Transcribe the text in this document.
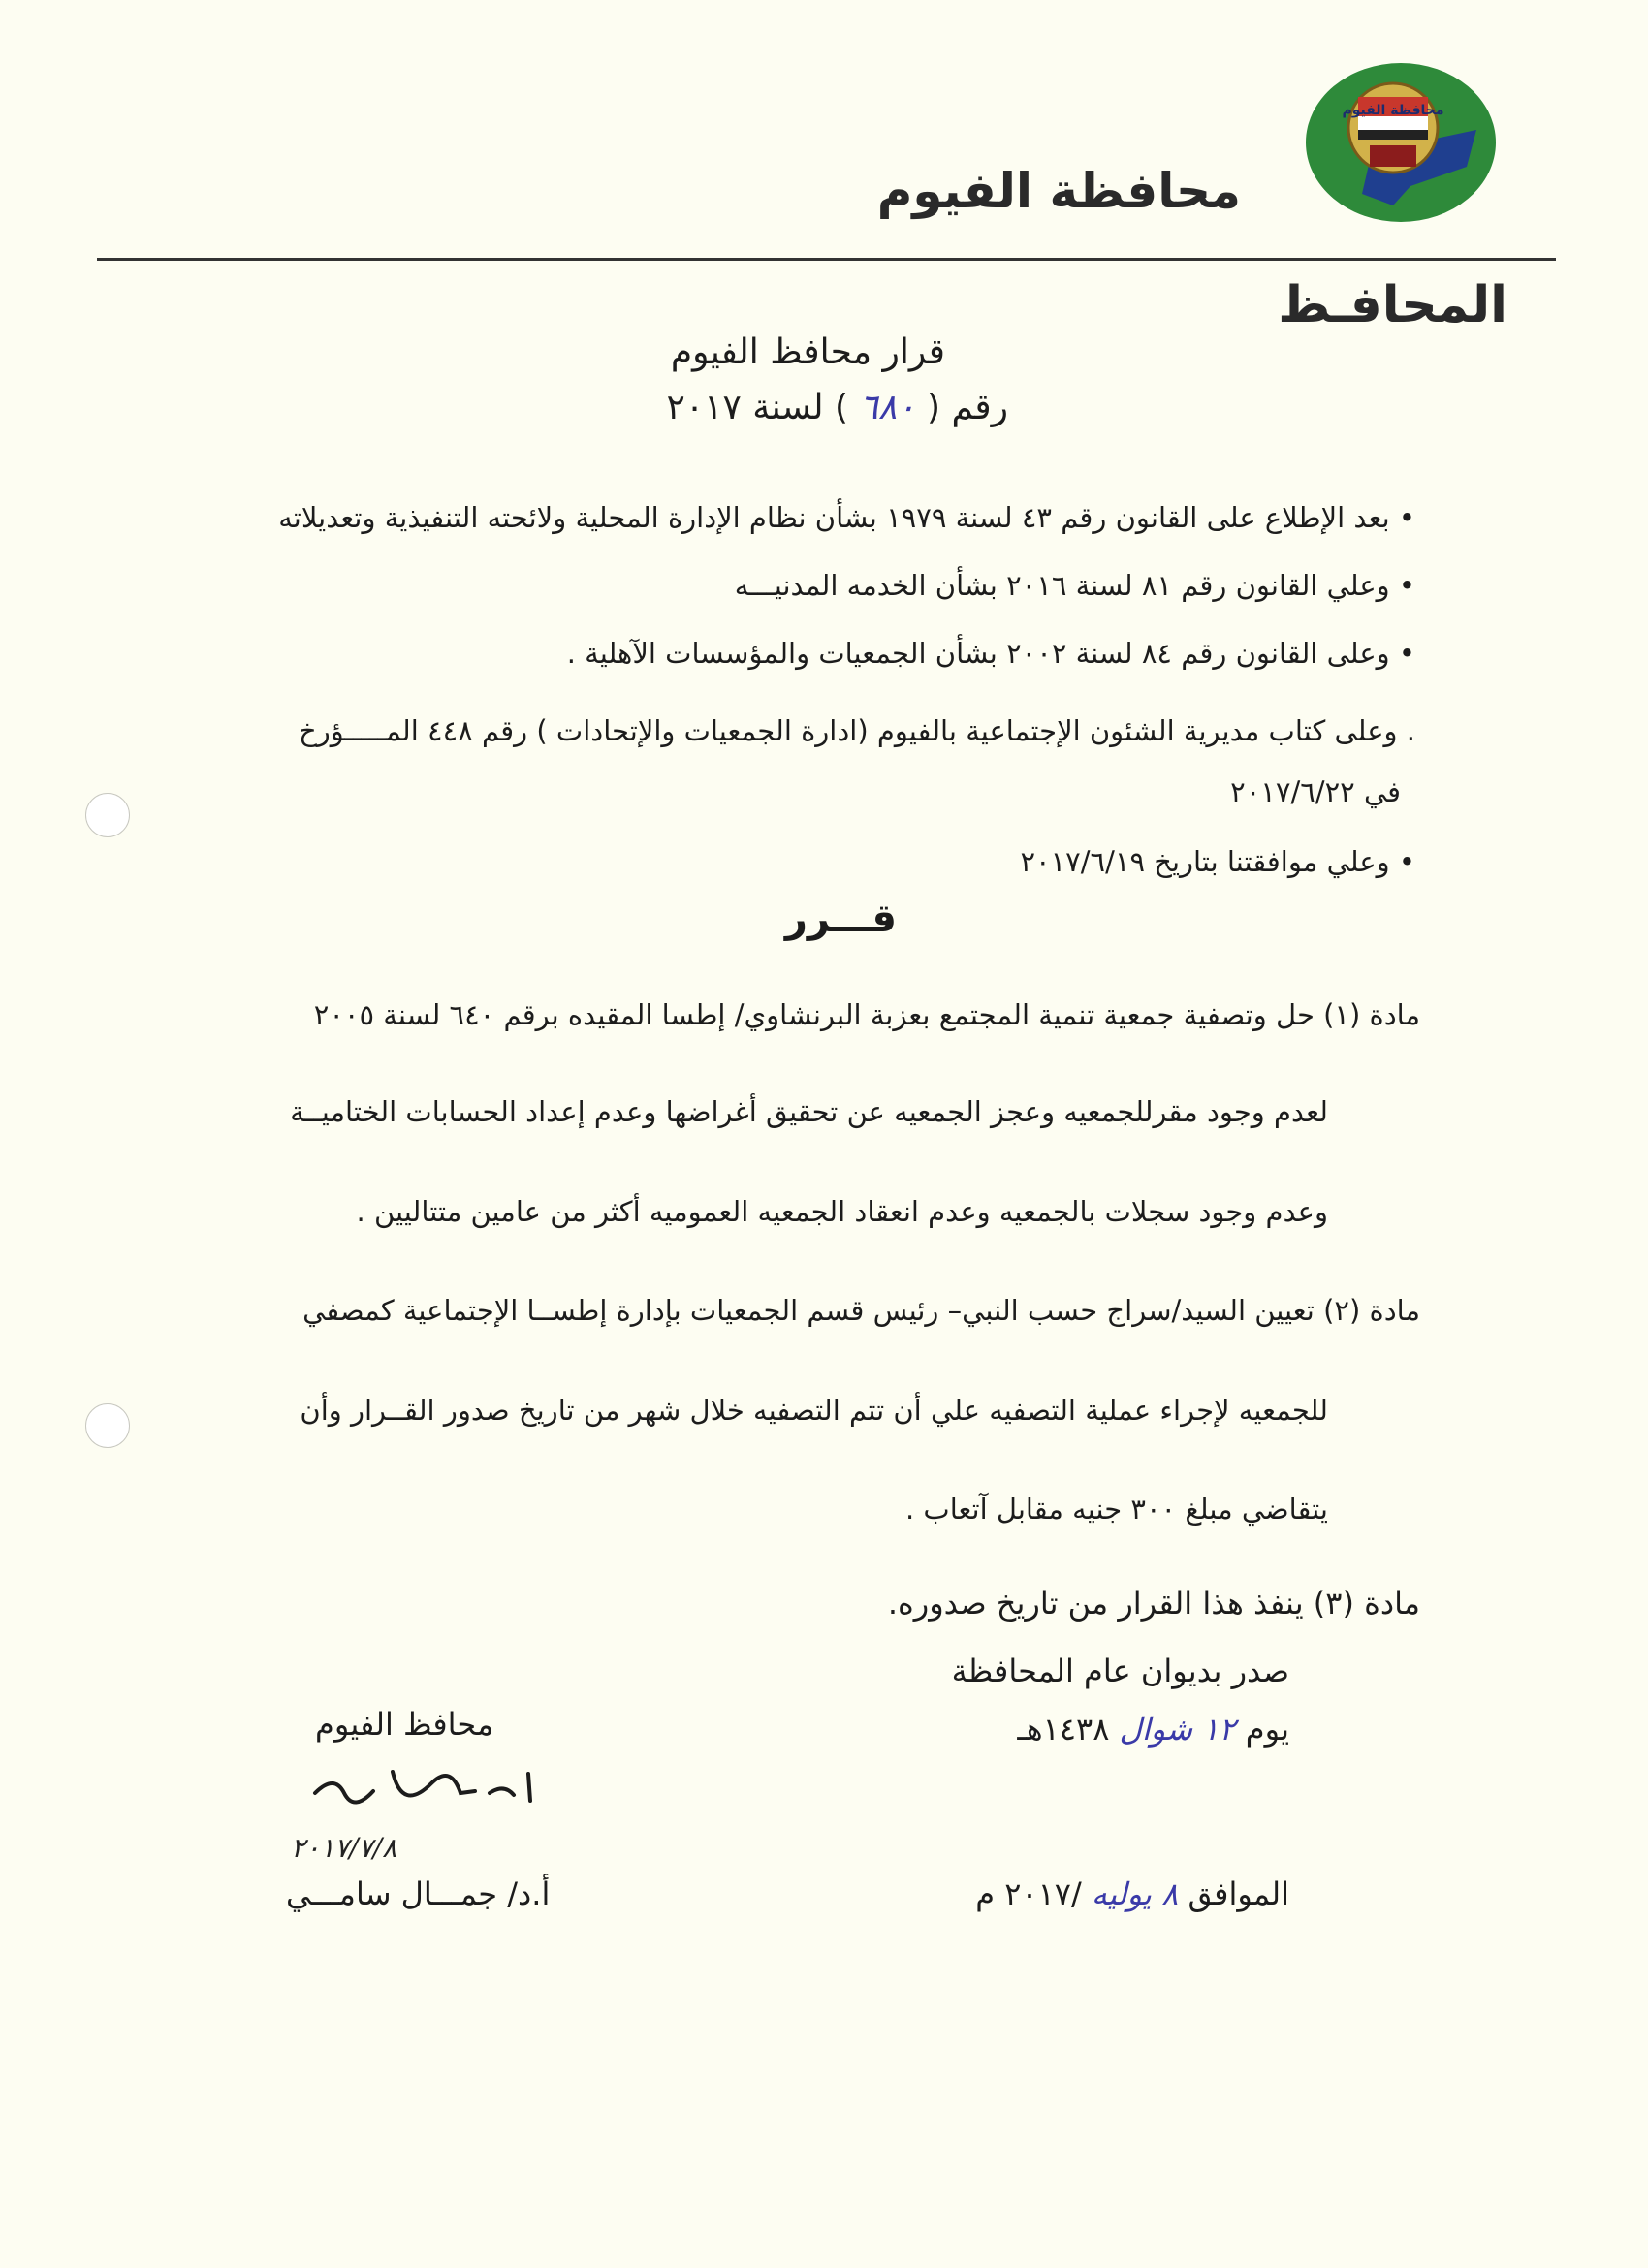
محافظة الفيوم
محافظة الفيوم
المحافـظ
قرار محافظ الفيوم
رقم ( ٦٨٠ ) لسنة ٢٠١٧
• بعد الإطلاع على القانون رقم ٤٣ لسنة ١٩٧٩ بشأن نظام الإدارة المحلية ولائحته التنفيذية وتعديلاته
• وعلي القانون رقم ٨١ لسنة ٢٠١٦ بشأن الخدمه المدنيـــه
• وعلى القانون رقم ٨٤ لسنة ٢٠٠٢ بشأن الجمعيات والمؤسسات الآهلية .
. وعلى كتاب مديرية الشئون الإجتماعية بالفيوم (ادارة الجمعيات والإتحادات ) رقم ٤٤٨ المـــــؤرخ
في ٢٠١٧/٦/٢٢
• وعلي موافقتنا بتاريخ ٢٠١٧/٦/١٩
قـــرر
مادة (١) حل وتصفية جمعية تنمية المجتمع بعزبة البرنشاوي/ إطسا المقيده برقم ٦٤٠ لسنة ٢٠٠٥
لعدم وجود مقرللجمعيه وعجز الجمعيه عن تحقيق أغراضها وعدم إعداد الحسابات الختاميــة
وعدم وجود سجلات بالجمعيه وعدم انعقاد الجمعيه العموميه أكثر من عامين متتاليين .
مادة (٢) تعيين السيد/سراج حسب النبي– رئيس قسم الجمعيات بإدارة إطســا الإجتماعية كمصفي
للجمعيه لإجراء عملية التصفيه علي أن تتم التصفيه خلال شهر من تاريخ صدور القــرار وأن
يتقاضي مبلغ ٣٠٠ جنيه مقابل آتعاب .
مادة (٣) ينفذ هذا القرار من تاريخ صدوره.
صدر بديوان عام المحافظة
يوم ١٢ شوال ١٤٣٨هـ
الموافق ٨ يوليه /٢٠١٧ م
محافظ الفيوم
٢٠١٧/٧/٨
أ.د/ جمـــال سامـــي
